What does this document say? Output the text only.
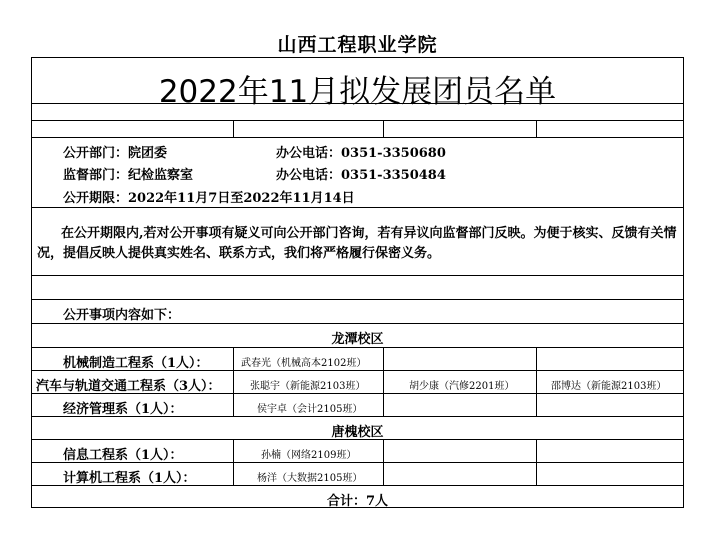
山西工程职业学院
2022年11月拟发展团员名单
公开部门：院团委	办公电话：0351-3350680
监督部门：纪检监察室	办公电话：0351-3350484
公开期限：2022年11月7日至2022年11月14日
在公开期限内,若对公开事项有疑义可向公开部门咨询，若有异议向监督部门反映。为便于核实、反馈有关情况，提倡反映人提供真实姓名、联系方式，我们将严格履行保密义务。
公开事项内容如下：
龙潭校区
机械制造工程系（1人）：	武春光（机械高本2102班）
汽车与轨道交通工程系（3人）：	张聪宇（新能源2103班）	胡少康（汽修2201班）	邵博达（新能源2103班）
经济管理系（1人）：	侯宇卓（会计2105班）
唐槐校区
信息工程系（1人）：	孙楠（网络2109班）
计算机工程系（1人）：	杨洋（大数据2105班）
合计：7人
